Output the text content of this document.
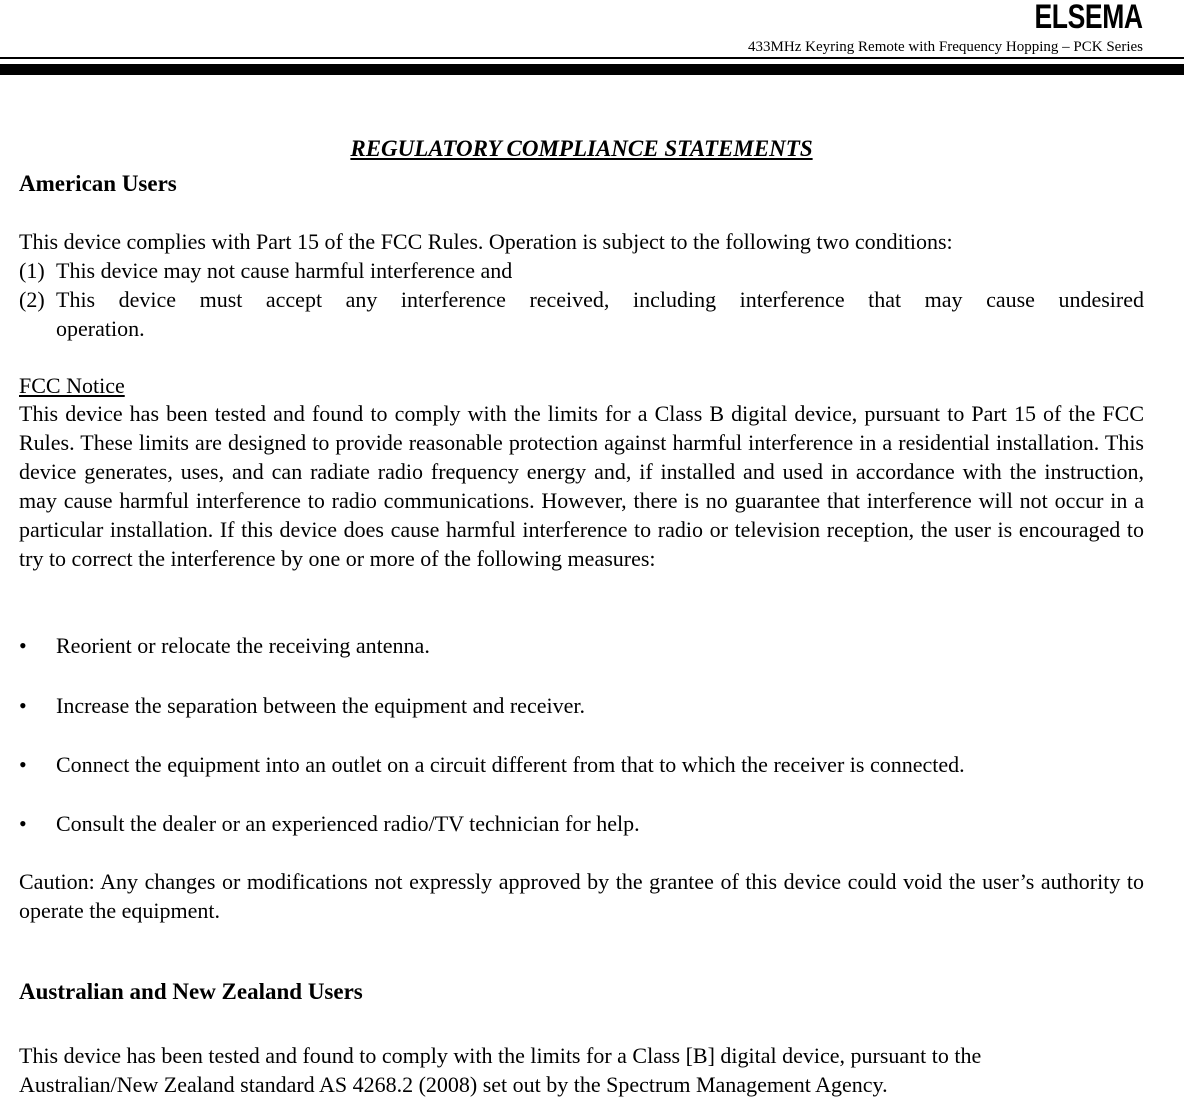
ELSEMA
433MHz Keyring Remote with Frequency Hopping – PCK Series
REGULATORY COMPLIANCE STATEMENTS
American Users
This device complies with Part 15 of the FCC Rules. Operation is subject to the following two conditions:
(1) This device may not cause harmful interference and
(2) This device must accept any interference received, including interference that may cause undesired
operation.
FCC Notice

This device has been tested and found to comply with the limits for a Class B digital device, pursuant to Part 15 of the FCC Rules. These limits are designed to provide reasonable protection against harmful interference in a residential installation. This device generates, uses, and can radiate radio frequency energy and, if installed and used in accordance with the instruction, may cause harmful interference to radio communications. However, there is no guarantee that interference will not occur in a particular installation. If this device does cause harmful interference to radio or television reception, the user is encouraged to try to correct the interference by one or more of the following measures:

• Reorient or relocate the receiving antenna.
• Increase the separation between the equipment and receiver.
• Connect the equipment into an outlet on a circuit different from that to which the receiver is connected.
• Consult the dealer or an experienced radio/TV technician for help.

Caution: Any changes or modifications not expressly approved by the grantee of this device could void the user’s authority to operate the equipment.

Australian and New Zealand Users
This device has been tested and found to comply with the limits for a Class [B] digital device, pursuant to the
Australian/New Zealand standard AS 4268.2 (2008) set out by the Spectrum Management Agency.
